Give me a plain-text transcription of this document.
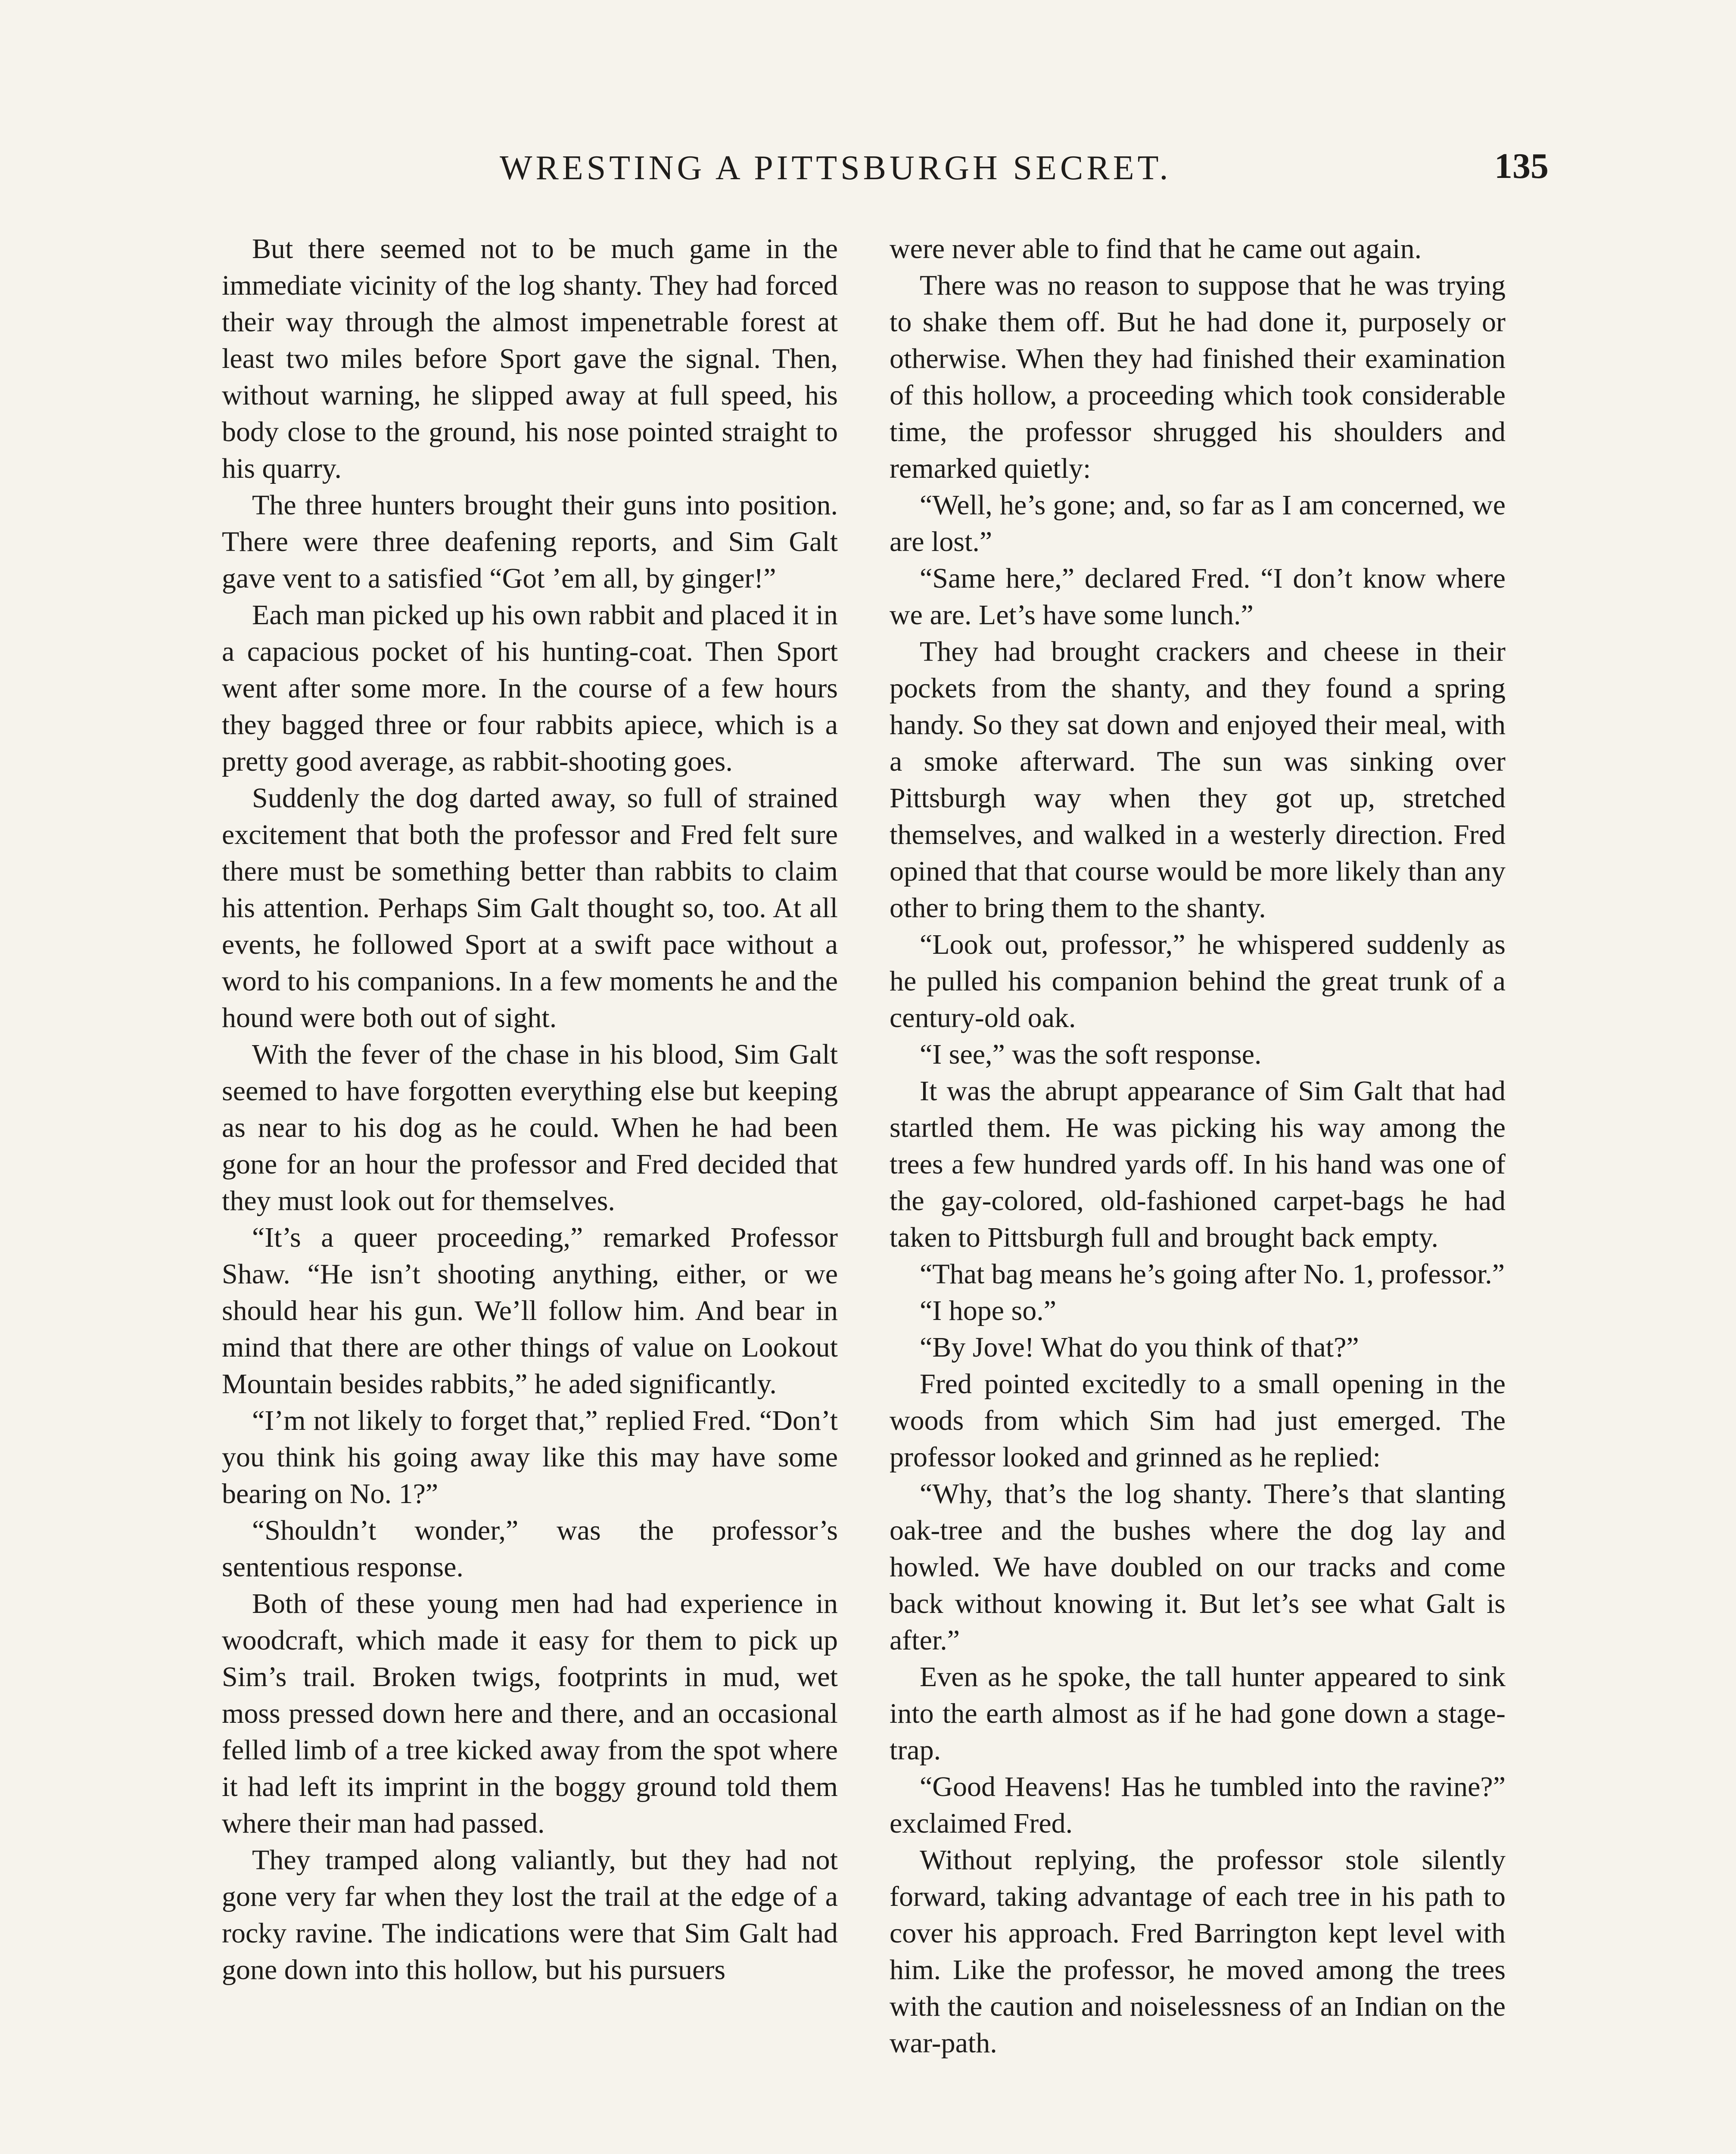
WRESTING A PITTSBURGH SECRET.	135

But there seemed not to be much game in the immediate vicinity of the log shanty. They had forced their way through the almost impenetrable forest at least two miles before Sport gave the signal. Then, without warning, he slipped away at full speed, his body close to the ground, his nose pointed straight to his quarry.

The three hunters brought their guns into position. There were three deafening reports, and Sim Galt gave vent to a satisfied “Got ’em all, by ginger!”

Each man picked up his own rabbit and placed it in a capacious pocket of his hunting-coat. Then Sport went after some more. In the course of a few hours they bagged three or four rabbits apiece, which is a pretty good average, as rabbit-shooting goes.

Suddenly the dog darted away, so full of strained excitement that both the professor and Fred felt sure there must be something better than rabbits to claim his attention. Perhaps Sim Galt thought so, too. At all events, he followed Sport at a swift pace without a word to his companions. In a few moments he and the hound were both out of sight.

With the fever of the chase in his blood, Sim Galt seemed to have forgotten everything else but keeping as near to his dog as he could. When he had been gone for an hour the professor and Fred decided that they must look out for themselves.

“It’s a queer proceeding,” remarked Professor Shaw. “He isn’t shooting anything, either, or we should hear his gun. We’ll follow him. And bear in mind that there are other things of value on Lookout Mountain besides rabbits,” he aded significantly.

“I’m not likely to forget that,” replied Fred. “Don’t you think his going away like this may have some bearing on No. 1?”

“Shouldn’t wonder,” was the professor’s sententious response.

Both of these young men had had experience in woodcraft, which made it easy for them to pick up Sim’s trail. Broken twigs, footprints in mud, wet moss pressed down here and there, and an occasional felled limb of a tree kicked away from the spot where it had left its imprint in the boggy ground told them where their man had passed.

They tramped along valiantly, but they had not gone very far when they lost the trail at the edge of a rocky ravine. The indications were that Sim Galt had gone down into this hollow, but his pursuers

were never able to find that he came out again.

There was no reason to suppose that he was trying to shake them off. But he had done it, purposely or otherwise. When they had finished their examination of this hollow, a proceeding which took considerable time, the professor shrugged his shoulders and remarked quietly:

“Well, he’s gone; and, so far as I am concerned, we are lost.”

“Same here,” declared Fred. “I don’t know where we are. Let’s have some lunch.”

They had brought crackers and cheese in their pockets from the shanty, and they found a spring handy. So they sat down and enjoyed their meal, with a smoke afterward. The sun was sinking over Pittsburgh way when they got up, stretched themselves, and walked in a westerly direction. Fred opined that that course would be more likely than any other to bring them to the shanty.

“Look out, professor,” he whispered suddenly as he pulled his companion behind the great trunk of a century-old oak.

“I see,” was the soft response.

It was the abrupt appearance of Sim Galt that had startled them. He was picking his way among the trees a few hundred yards off. In his hand was one of the gay-colored, old-fashioned carpet-bags he had taken to Pittsburgh full and brought back empty.

“That bag means he’s going after No. 1, professor.”

“I hope so.”

“By Jove! What do you think of that?”

Fred pointed excitedly to a small opening in the woods from which Sim had just emerged. The professor looked and grinned as he replied:

“Why, that’s the log shanty. There’s that slanting oak-tree and the bushes where the dog lay and howled. We have doubled on our tracks and come back without knowing it. But let’s see what Galt is after.”

Even as he spoke, the tall hunter appeared to sink into the earth almost as if he had gone down a stage-trap.

“Good Heavens! Has he tumbled into the ravine?” exclaimed Fred.

Without replying, the professor stole silently forward, taking advantage of each tree in his path to cover his approach. Fred Barrington kept level with him. Like the professor, he moved among the trees with the caution and noiselessness of an Indian on the war-path.
